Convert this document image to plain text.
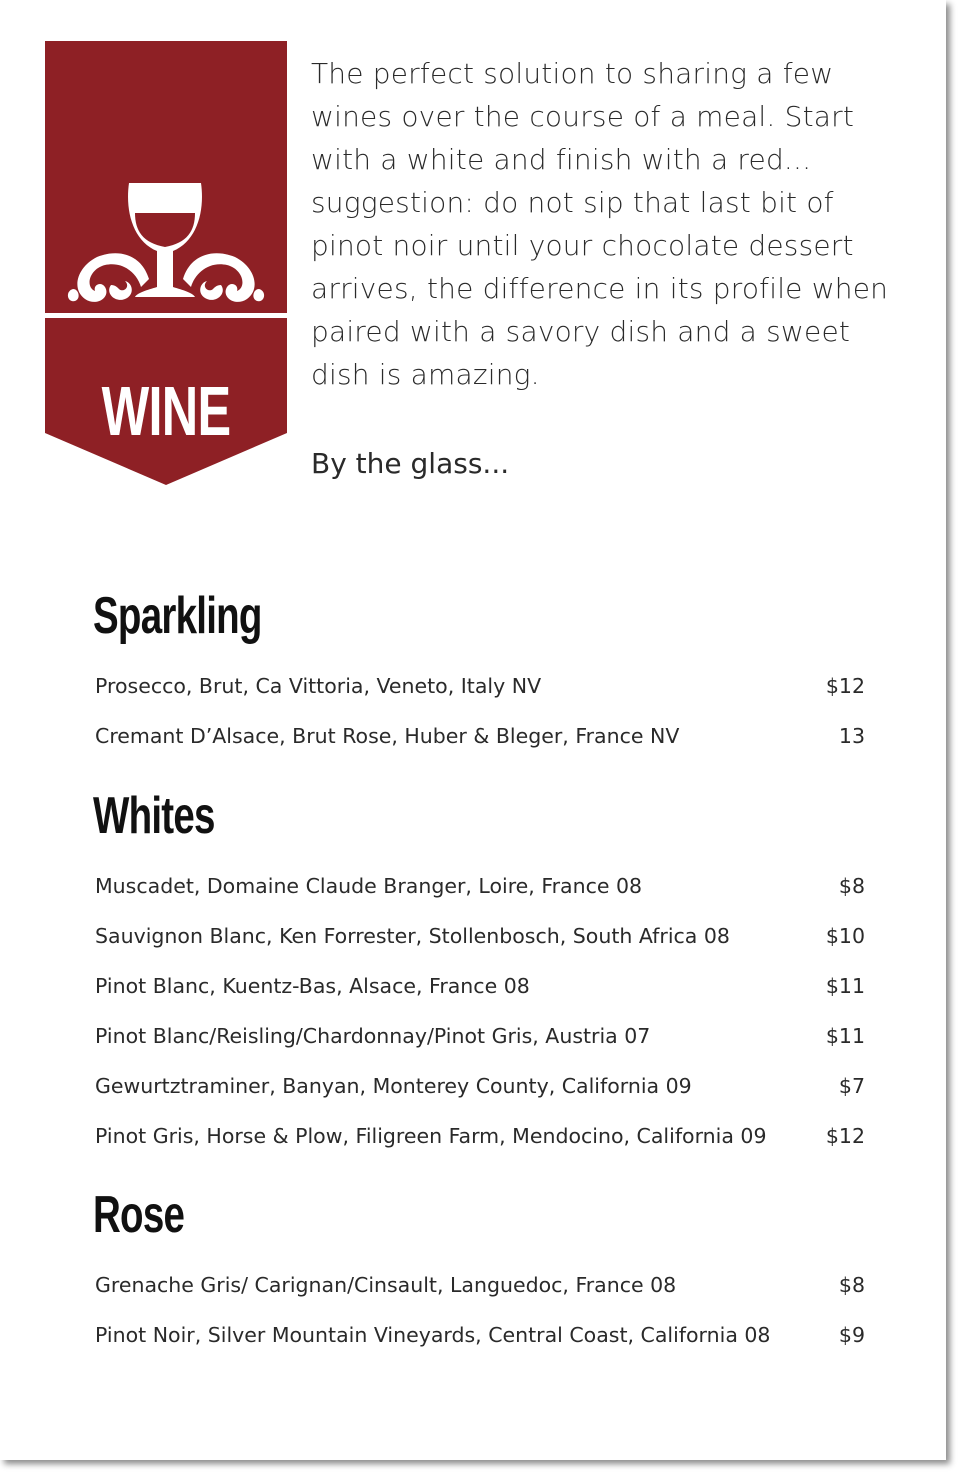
WINE
The perfect solution to sharing a few wines over the course of a meal. Start with a white and finish with a red... suggestion: do not sip that last bit of pinot noir until your chocolate dessert arrives, the difference in its profile when paired with a savory dish and a sweet dish is amazing.
By the glass...
Sparkling
Prosecco, Brut, Ca Vittoria, Veneto, Italy NV	$12
Cremant D’Alsace, Brut Rose, Huber & Bleger, France NV	13
Whites
Muscadet, Domaine Claude Branger, Loire, France 08	$8
Sauvignon Blanc, Ken Forrester, Stollenbosch, South Africa 08	$10
Pinot Blanc, Kuentz-Bas, Alsace, France 08	$11
Pinot Blanc/Reisling/Chardonnay/Pinot Gris, Austria 07	$11
Gewurtztraminer, Banyan, Monterey County, California 09	$7
Pinot Gris, Horse & Plow, Filigreen Farm, Mendocino, California 09	$12
Rose
Grenache Gris/ Carignan/Cinsault, Languedoc, France 08	$8
Pinot Noir, Silver Mountain Vineyards, Central Coast, California 08	$9
